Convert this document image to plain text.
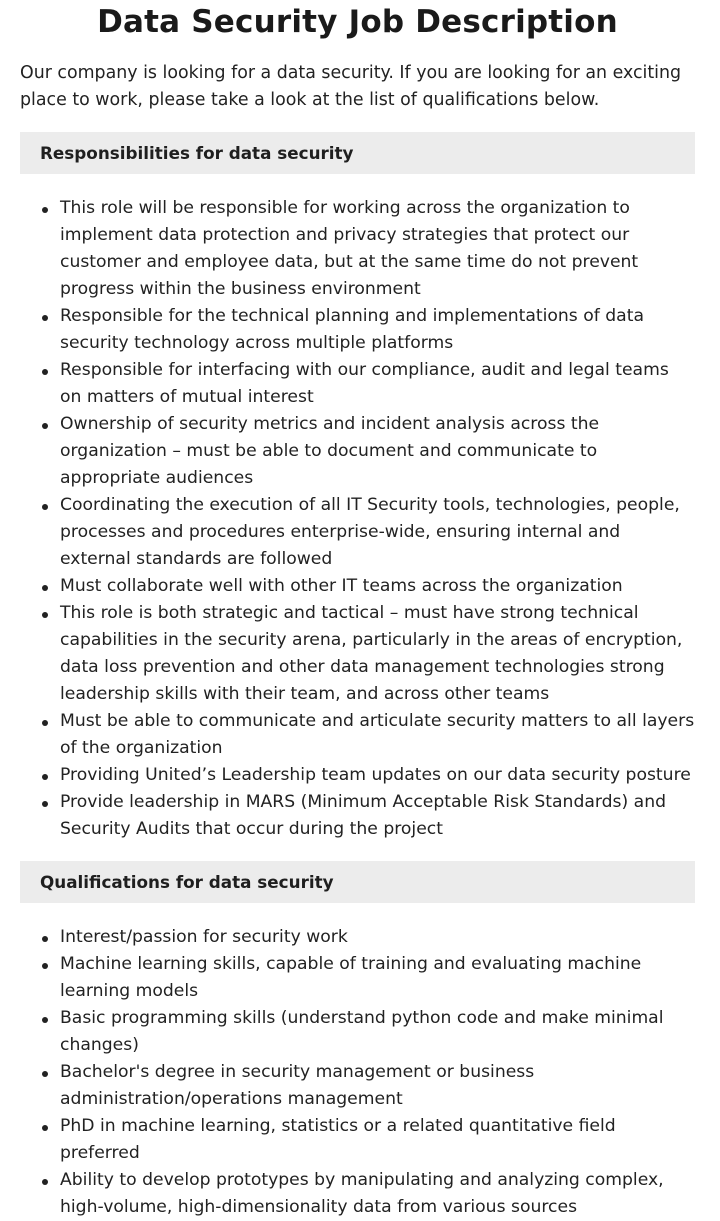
Data Security Job Description

Our company is looking for a data security. If you are looking for an exciting place to work, please take a look at the list of qualifications below.

Responsibilities for data security
This role will be responsible for working across the organization to implement data protection and privacy strategies that protect our customer and employee data, but at the same time do not prevent progress within the business environment
Responsible for the technical planning and implementations of data security technology across multiple platforms
Responsible for interfacing with our compliance, audit and legal teams on matters of mutual interest
Ownership of security metrics and incident analysis across the organization – must be able to document and communicate to appropriate audiences
Coordinating the execution of all IT Security tools, technologies, people, processes and procedures enterprise-wide, ensuring internal and external standards are followed
Must collaborate well with other IT teams across the organization
This role is both strategic and tactical – must have strong technical capabilities in the security arena, particularly in the areas of encryption, data loss prevention and other data management technologies strong leadership skills with their team, and across other teams
Must be able to communicate and articulate security matters to all layers of the organization
Providing United’s Leadership team updates on our data security posture
Provide leadership in MARS (Minimum Acceptable Risk Standards) and Security Audits that occur during the project
Qualifications for data security
Interest/passion for security work
Machine learning skills, capable of training and evaluating machine learning models
Basic programming skills (understand python code and make minimal changes)
Bachelor's degree in security management or business administration/operations management
PhD in machine learning, statistics or a related quantitative field preferred
Ability to develop prototypes by manipulating and analyzing complex, high-volume, high-dimensionality data from various sources
